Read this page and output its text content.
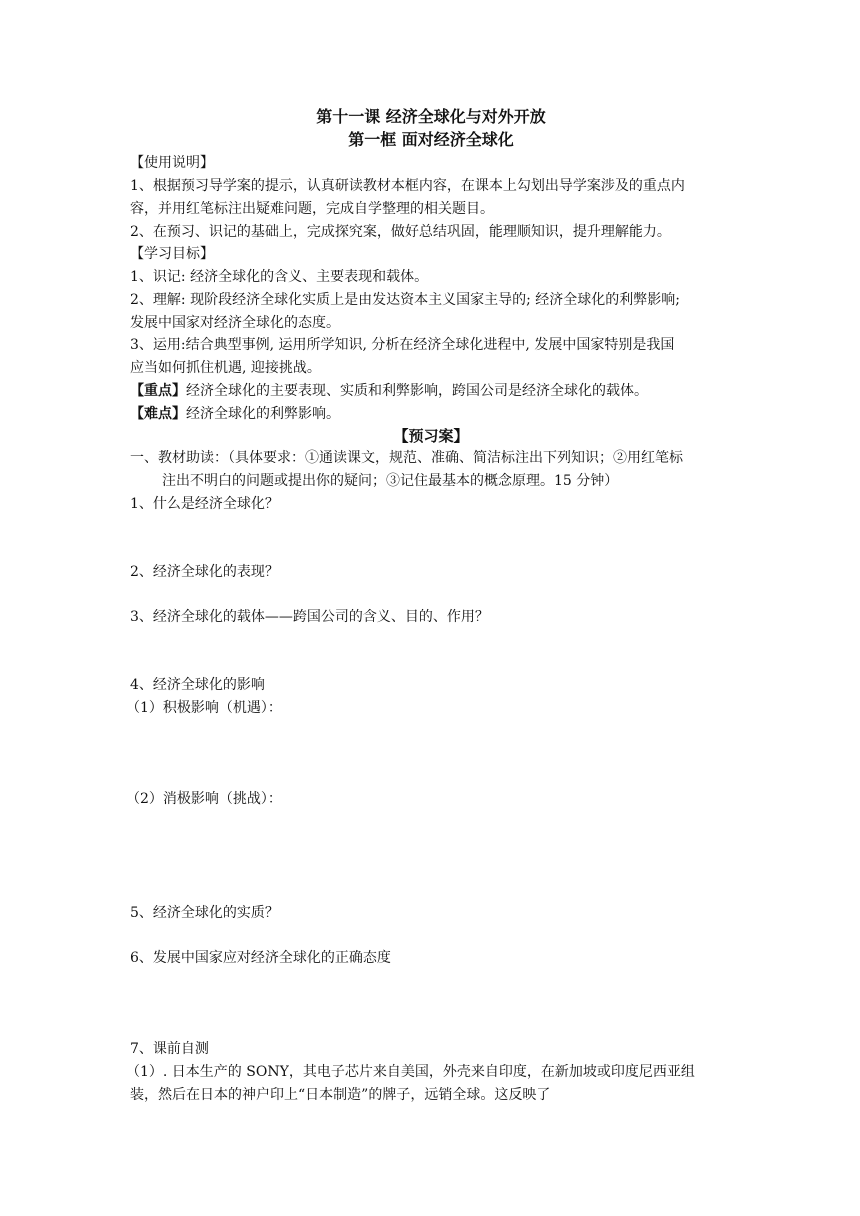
第十一课 经济全球化与对外开放
第一框 面对经济全球化
【使用说明】
1、根据预习导学案的提示，认真研读教材本框内容，在课本上勾划出导学案涉及的重点内
容，并用红笔标注出疑难问题，完成自学整理的相关题目。
2、在预习、识记的基础上，完成探究案，做好总结巩固，能理顺知识，提升理解能力。
【学习目标】
1、识记: 经济全球化的含义、主要表现和载体。
2、理解: 现阶段经济全球化实质上是由发达资本主义国家主导的; 经济全球化的利弊影响;
发展中国家对经济全球化的态度。
3、运用:结合典型事例, 运用所学知识, 分析在经济全球化进程中, 发展中国家特别是我国
应当如何抓住机遇, 迎接挑战。
【重点】经济全球化的主要表现、实质和利弊影响，跨国公司是经济全球化的载体。
【难点】经济全球化的利弊影响。
【预习案】
一、教材助读：（具体要求：①通读课文，规范、准确、简洁标注出下列知识；②用红笔标
注出不明白的问题或提出你的疑问；③记住最基本的概念原理。15 分钟）
1、什么是经济全球化？
2、经济全球化的表现？
3、经济全球化的载体——跨国公司的含义、目的、作用？
4、经济全球化的影响
（1）积极影响（机遇）：
（2）消极影响（挑战）：
5、经济全球化的实质？
6、发展中国家应对经济全球化的正确态度
7、课前自测
（1）. 日本生产的 SONY，其电子芯片来自美国，外壳来自印度，在新加坡或印度尼西亚组
装，然后在日本的神户印上“日本制造”的牌子，远销全球。这反映了
